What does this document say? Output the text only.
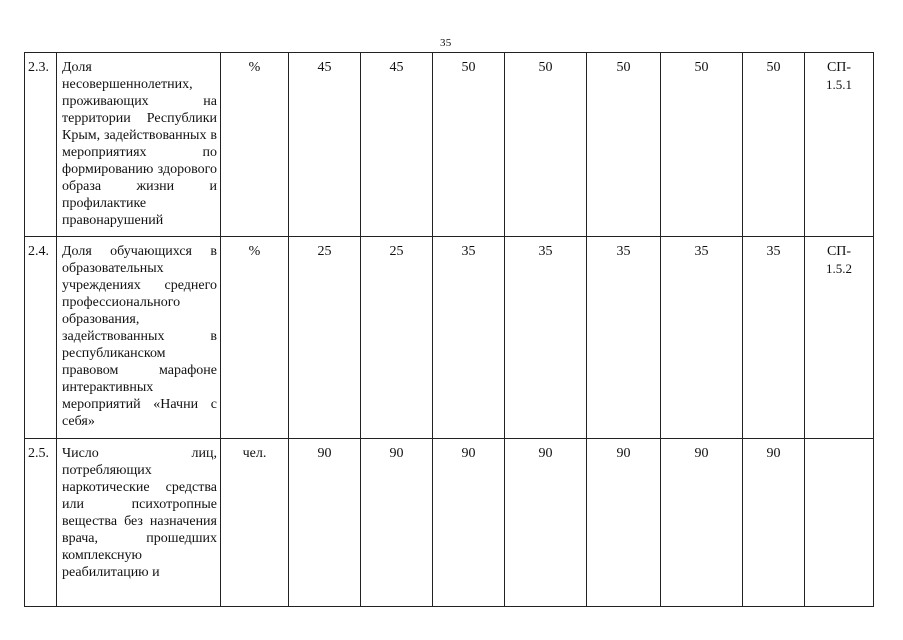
35
2.3.	Доля несовершеннолетних, проживающих на территории Республики Крым, задействованных в мероприятиях по формированию здорового образа жизни и профилактике правонарушений	%	45	45	50	50	50	50	50	СП-
1.5.1

2.4.	Доля обучающихся в образовательных учреждениях среднего профессионального образования, задействованных в республиканском правовом марафоне интерактивных мероприятий «Начни с себя»	%	25	25	35	35	35	35	35	СП-
1.5.2

2.5.	Число лиц, потребляющих наркотические средства или психотропные вещества без назначения врача, прошедших комплексную реабилитацию и	чел.	90	90	90	90	90	90	90	
